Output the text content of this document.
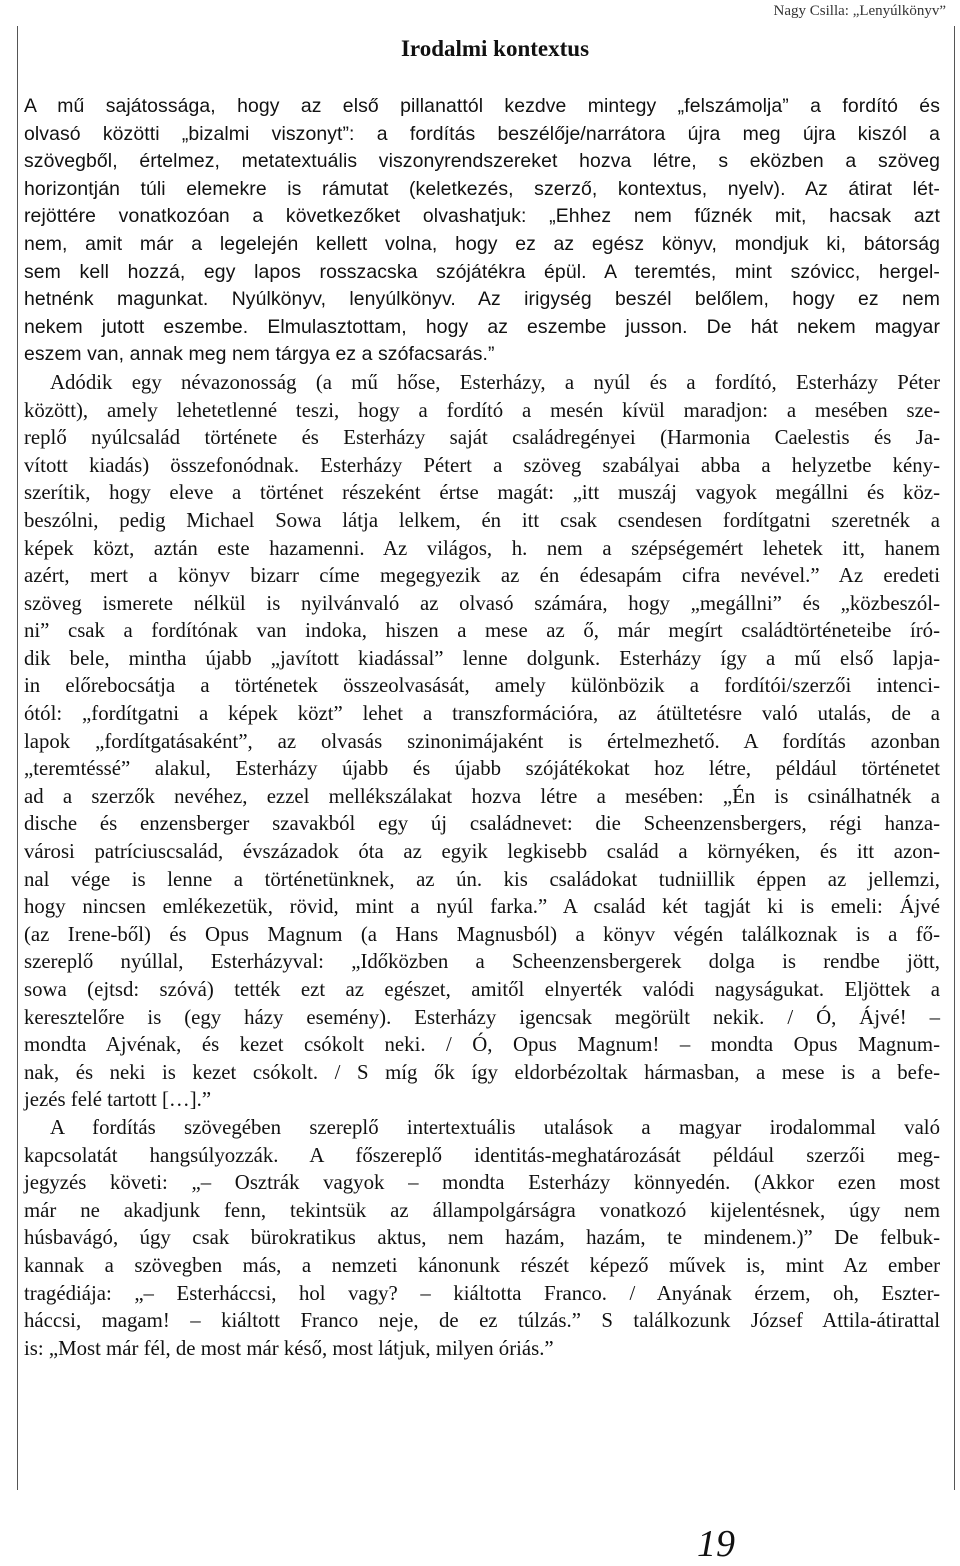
Nagy Csilla: „Lenyúlkönyv”
Irodalmi kontextus
A mű sajátossága, hogy az első pillanattól kezdve mintegy „felszámolja” a fordító és
olvasó közötti „bizalmi viszonyt”: a fordítás beszélője/narrátora újra meg újra kiszól a
szövegből, értelmez, metatextuális viszonyrendszereket hozva létre, s eközben a szöveg
horizontján túli elemekre is rámutat (keletkezés, szerző, kontextus, nyelv). Az átirat lét-
rejöttére vonatkozóan a következőket olvashatjuk: „Ehhez nem fűznék mit, hacsak azt
nem, amit már a legelején kellett volna, hogy ez az egész könyv, mondjuk ki, bátorság
sem kell hozzá, egy lapos rosszacska szójátékra épül. A teremtés, mint szóvicc, hergel-
hetnénk magunkat. Nyúlkönyv, lenyúlkönyv. Az irigység beszél belőlem, hogy ez nem
nekem jutott eszembe. Elmulasztottam, hogy az eszembe jusson. De hát nekem magyar
eszem van, annak meg nem tárgya ez a szófacsarás.”
Adódik egy névazonosság (a mű hőse, Esterházy, a nyúl és a fordító, Esterházy Péter
között), amely lehetetlenné teszi, hogy a fordító a mesén kívül maradjon: a mesében sze-
replő nyúlcsalád története és Esterházy saját családregényei (Harmonia Caelestis és Ja-
vított kiadás) összefonódnak. Esterházy Pétert a szöveg szabályai abba a helyzetbe kény-
szerítik, hogy eleve a történet részeként értse magát: „itt muszáj vagyok megállni és köz-
beszólni, pedig Michael Sowa látja lelkem, én itt csak csendesen fordítgatni szeretnék a
képek közt, aztán este hazamenni. Az világos, h. nem a szépségemért lehetek itt, hanem
azért, mert a könyv bizarr címe megegyezik az én édesapám cifra nevével.” Az eredeti
szöveg ismerete nélkül is nyilvánvaló az olvasó számára, hogy „megállni” és „közbeszól-
ni” csak a fordítónak van indoka, hiszen a mese az ő, már megírt családtörténeteibe író-
dik bele, mintha újabb „javított kiadással” lenne dolgunk. Esterházy így a mű első lapja-
in előrebocsátja a történetek összeolvasását, amely különbözik a fordítói/szerzői intenci-
ótól: „fordítgatni a képek közt” lehet a transzformációra, az átültetésre való utalás, de a
lapok „fordítgatásaként”, az olvasás szinonimájaként is értelmezhető. A fordítás azonban
„teremtéssé” alakul, Esterházy újabb és újabb szójátékokat hoz létre, például történetet
ad a szerzők nevéhez, ezzel mellékszálakat hozva létre a mesében: „Én is csinálhatnék a
dische és enzensberger szavakból egy új családnevet: die Scheenzensbergers, régi hanza-
városi patríciuscsalád, évszázadok óta az egyik legkisebb család a környéken, és itt azon-
nal vége is lenne a történetünknek, az ún. kis családokat tudniillik éppen az jellemzi,
hogy nincsen emlékezetük, rövid, mint a nyúl farka.” A család két tagját ki is emeli: Ájvé
(az Irene-ből) és Opus Magnum (a Hans Magnusból) a könyv végén találkoznak is a fő-
szereplő nyúllal, Esterházyval: „Időközben a Scheenzensbergerek dolga is rendbe jött,
sowa (ejtsd: szóvá) tették ezt az egészet, amitől elnyerték valódi nagyságukat. Eljöttek a
keresztelőre is (egy házy esemény). Esterházy igencsak megörült nekik. / Ó, Ájvé! –
mondta Ajvénak, és kezet csókolt neki. / Ó, Opus Magnum! – mondta Opus Magnum-
nak, és neki is kezet csókolt. / S míg ők így eldorbézoltak hármasban, a mese is a befe-
jezés felé tartott […].”
A fordítás szövegében szereplő intertextuális utalások a magyar irodalommal való
kapcsolatát hangsúlyozzák. A főszereplő identitás-meghatározását például szerzői meg-
jegyzés követi: „– Osztrák vagyok – mondta Esterházy könnyedén. (Akkor ezen most
már ne akadjunk fenn, tekintsük az állampolgárságra vonatkozó kijelentésnek, úgy nem
húsbavágó, úgy csak bürokratikus aktus, nem hazám, hazám, te mindenem.)” De felbuk-
kannak a szövegben más, a nemzeti kánonunk részét képező művek is, mint Az ember
tragédiája: „– Esterháccsi, hol vagy? – kiáltotta Franco. / Anyának érzem, oh, Eszter-
háccsi, magam! – kiáltott Franco neje, de ez túlzás.” S találkozunk József Attila-átirattal
is: „Most már fél, de most már késő, most látjuk, milyen óriás.”
19
